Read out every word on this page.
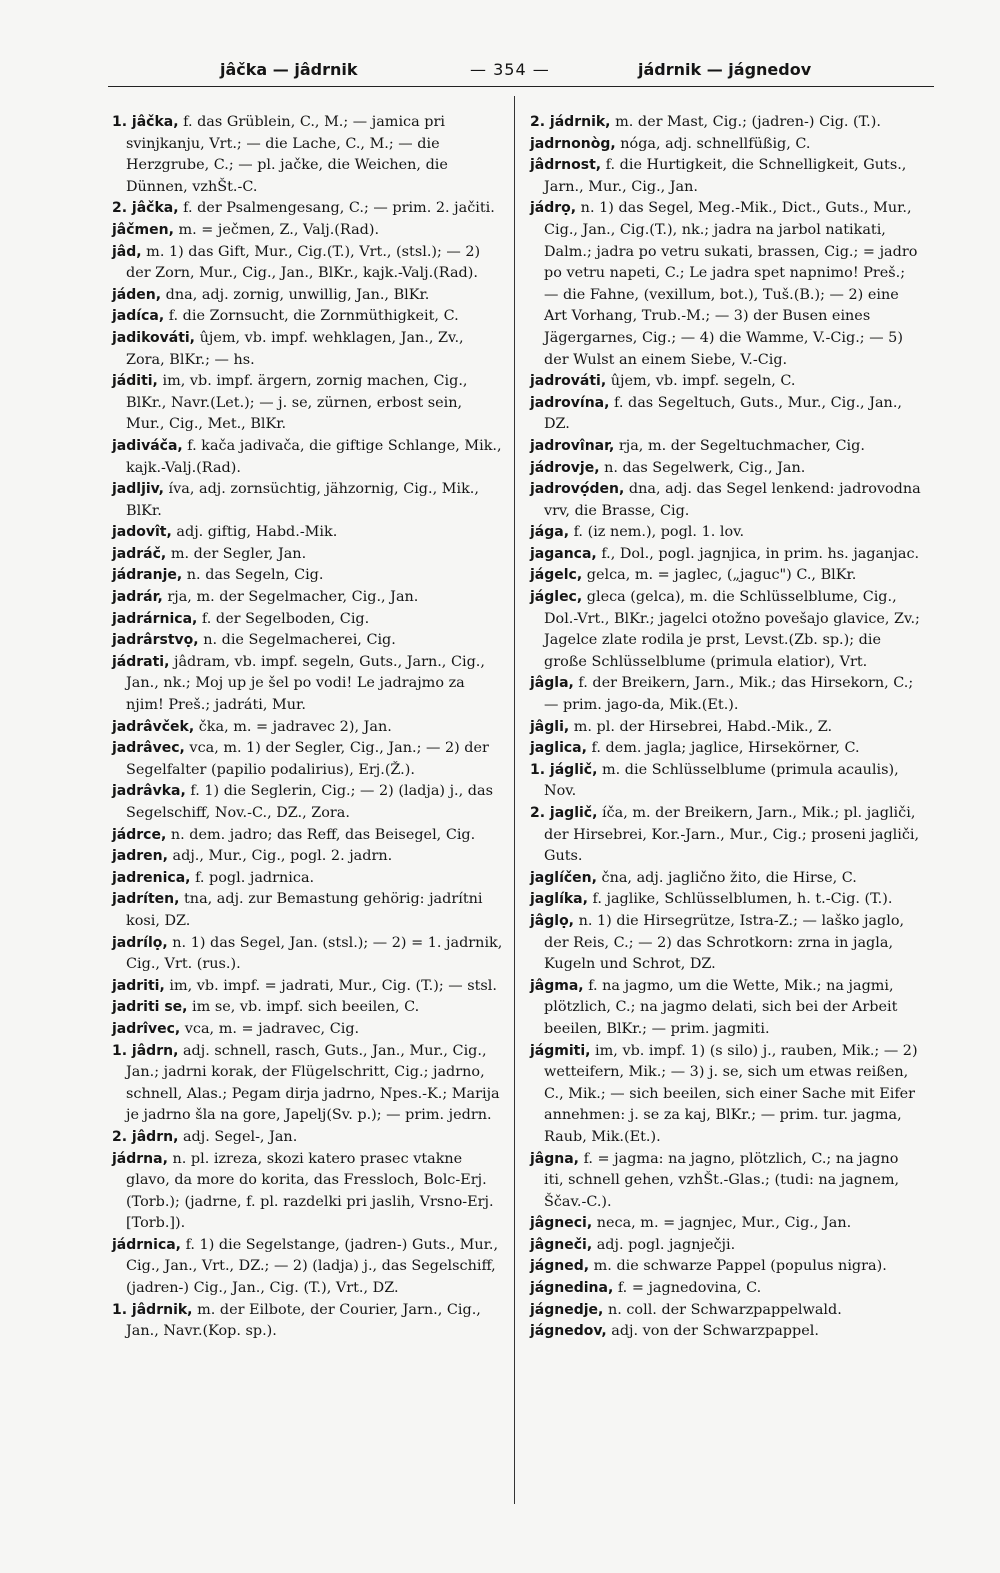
jâčka — jâdrnik	— 354 —	jádrnik — jágnedov

1. jâčka, f. das Grüblein, C., M.; — jamica pri svinjkanju, Vrt.; — die Lache, C., M.; — die Herzgrube, C.; — pl. jačke, die Weichen, die Dünnen, vzhŠt.-C.

2. jâčka, f. der Psalmengesang, C.; — prim. 2. jačiti.

jâčmen, m. = ječmen, Z., Valj.(Rad).

jâd, m. 1) das Gift, Mur., Cig.(T.), Vrt., (stsl.); — 2) der Zorn, Mur., Cig., Jan., BlKr., kajk.-Valj.(Rad).

jáden, dna, adj. zornig, unwillig, Jan., BlKr.

jadíca, f. die Zornsucht, die Zornmüthigkeit, C.

jadikováti, ûjem, vb. impf. wehklagen, Jan., Zv., Zora, BlKr.; — hs.

jáditi, im, vb. impf. ärgern, zornig machen, Cig., BlKr., Navr.(Let.); — j. se, zürnen, erbost sein, Mur., Cig., Met., BlKr.

jadiváča, f. kača jadivača, die giftige Schlange, Mik., kajk.-Valj.(Rad).

jadljiv, íva, adj. zornsüchtig, jähzornig, Cig., Mik., BlKr.

jadovît, adj. giftig, Habd.-Mik.

jadráč, m. der Segler, Jan.

jádranje, n. das Segeln, Cig.

jadrár, rja, m. der Segelmacher, Cig., Jan.

jadrárnica, f. der Segelboden, Cig.

jadrârstvọ, n. die Segelmacherei, Cig.

jádrati, jâdram, vb. impf. segeln, Guts., Jarn., Cig., Jan., nk.; Moj up je šel po vodi! Le jadrajmo za njim! Preš.; jadráti, Mur.

jadrâvček, čka, m. = jadravec 2), Jan.

jadrâvec, vca, m. 1) der Segler, Cig., Jan.; — 2) der Segelfalter (papilio podalirius), Erj.(Ž.).

jadrâvka, f. 1) die Seglerin, Cig.; — 2) (ladja) j., das Segelschiff, Nov.-C., DZ., Zora.

jádrce, n. dem. jadro; das Reff, das Beisegel, Cig.

jadren, adj., Mur., Cig., pogl. 2. jadrn.

jadrenica, f. pogl. jadrnica.

jadríten, tna, adj. zur Bemastung gehörig: jadrítni kosi, DZ.

jadrílọ, n. 1) das Segel, Jan. (stsl.); — 2) = 1. jadrnik, Cig., Vrt. (rus.).

jadriti, im, vb. impf. = jadrati, Mur., Cig. (T.); — stsl.

jadriti se, im se, vb. impf. sich beeilen, C.

jadrîvec, vca, m. = jadravec, Cig.

1. jâdrn, adj. schnell, rasch, Guts., Jan., Mur., Cig., Jan.; jadrni korak, der Flügelschritt, Cig.; jadrno, schnell, Alas.; Pegam dirja jadrno, Npes.-K.; Marija je jadrno šla na gore, Japelj(Sv. p.); — prim. jedrn.

2. jâdrn, adj. Segel-, Jan.

jádrna, n. pl. izreza, skozi katero prasec vtakne glavo, da more do korita, das Fressloch, Bolc-Erj.(Torb.); (jadrne, f. pl. razdelki pri jaslih, Vrsno-Erj.[Torb.]).

jádrnica, f. 1) die Segelstange, (jadren-) Guts., Mur., Cig., Jan., Vrt., DZ.; — 2) (ladja) j., das Segelschiff, (jadren-) Cig., Jan., Cig. (T.), Vrt., DZ.

1. jâdrnik, m. der Eilbote, der Courier, Jarn., Cig., Jan., Navr.(Kop. sp.).

2. jádrnik, m. der Mast, Cig.; (jadren-) Cig. (T.).

jadrnonòg, nóga, adj. schnellfüßig, C.

jâdrnost, f. die Hurtigkeit, die Schnelligkeit, Guts., Jarn., Mur., Cig., Jan.

jádrọ, n. 1) das Segel, Meg.-Mik., Dict., Guts., Mur., Cig., Jan., Cig.(T.), nk.; jadra na jarbol natikati, Dalm.; jadra po vetru sukati, brassen, Cig.; = jadro po vetru napeti, C.; Le jadra spet napnimo! Preš.; — die Fahne, (vexillum, bot.), Tuš.(B.); — 2) eine Art Vorhang, Trub.-M.; — 3) der Busen eines Jägergarnes, Cig.; — 4) die Wamme, V.-Cig.; — 5) der Wulst an einem Siebe, V.-Cig.

jadrováti, ûjem, vb. impf. segeln, C.

jadrovína, f. das Segeltuch, Guts., Mur., Cig., Jan., DZ.

jadrovînar, rja, m. der Segeltuchmacher, Cig.

jádrovje, n. das Segelwerk, Cig., Jan.

jadrovọ́den, dna, adj. das Segel lenkend: jadrovodna vrv, die Brasse, Cig.

jága, f. (iz nem.), pogl. 1. lov.

jaganca, f., Dol., pogl. jagnjica, in prim. hs. jaganjac.

jágelc, gelca, m. = jaglec, („jaguc") C., BlKr.

jáglec, gleca (gelca), m. die Schlüsselblume, Cig., Dol.-Vrt., BlKr.; jagelci otožno povešajo glavice, Zv.; Jagelce zlate rodila je prst, Levst.(Zb. sp.); die große Schlüsselblume (primula elatior), Vrt.

jâgla, f. der Breikern, Jarn., Mik.; das Hirsekorn, C.; — prim. jago-da, Mik.(Et.).

jâgli, m. pl. der Hirsebrei, Habd.-Mik., Z.

jaglica, f. dem. jagla; jaglice, Hirsekörner, C.

1. jáglič, m. die Schlüsselblume (primula acaulis), Nov.

2. jaglič, íča, m. der Breikern, Jarn., Mik.; pl. jagliči, der Hirsebrei, Kor.-Jarn., Mur., Cig.; proseni jagliči, Guts.

jaglíčen, čna, adj. jaglično žito, die Hirse, C.

jaglíka, f. jaglike, Schlüsselblumen, h. t.-Cig. (T.).

jâglọ, n. 1) die Hirsegrütze, Istra-Z.; — laško jaglo, der Reis, C.; — 2) das Schrotkorn: zrna in jagla, Kugeln und Schrot, DZ.

jâgma, f. na jagmo, um die Wette, Mik.; na jagmi, plötzlich, C.; na jagmo delati, sich bei der Arbeit beeilen, BlKr.; — prim. jagmiti.

jágmiti, im, vb. impf. 1) (s silo) j., rauben, Mik.; — 2) wetteifern, Mik.; — 3) j. se, sich um etwas reißen, C., Mik.; — sich beeilen, sich einer Sache mit Eifer annehmen: j. se za kaj, BlKr.; — prim. tur. jagma, Raub, Mik.(Et.).

jâgna, f. = jagma: na jagno, plötzlich, C.; na jagno iti, schnell gehen, vzhŠt.-Glas.; (tudi: na jagnem, Ščav.-C.).

jâgneci, neca, m. = jagnjec, Mur., Cig., Jan.

jâgneči, adj. pogl. jagnječji.

jágned, m. die schwarze Pappel (populus nigra).

jágnedina, f. = jagnedovina, C.

jágnedje, n. coll. der Schwarzpappelwald.

jágnedov, adj. von der Schwarzpappel.
